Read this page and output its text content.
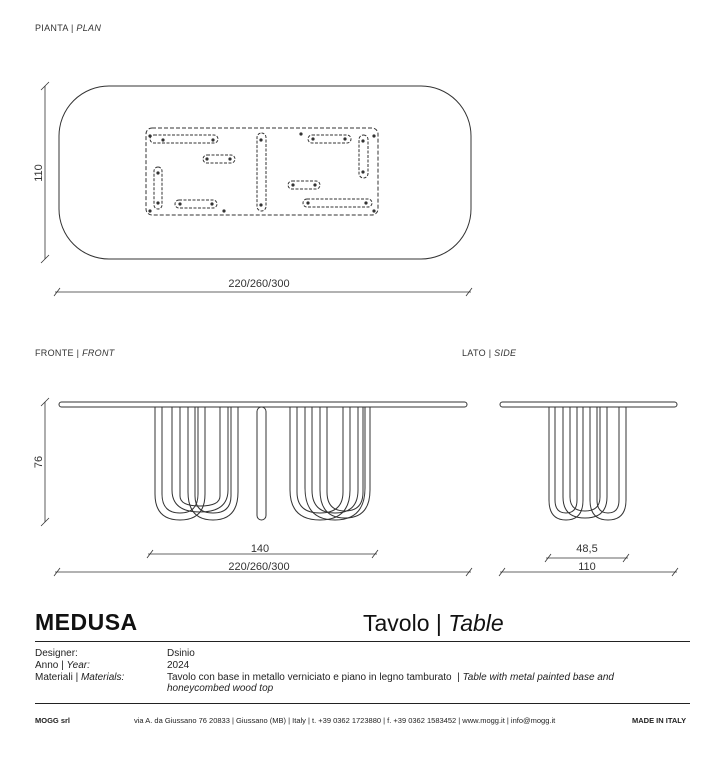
PIANTA | PLAN
FRONTE | FRONT	LATO | SIDE
110
220/260/300
76
140
220/260/300
48,5
110
MEDUSA	Tavolo | Table
Designer:	Dsinio
Anno | Year:	2024
Materiali | Materials:	Tavolo con base in metallo verniciato e piano in legno tamburato  | Table with metal painted base and
honeycombed wood top
MOGG srl	via A. da Giussano 76 20833 | Giussano (MB) | Italy | t. +39 0362 1723880 | f. +39 0362 1583452 | www.mogg.it | info@mogg.it	MADE IN ITALY
